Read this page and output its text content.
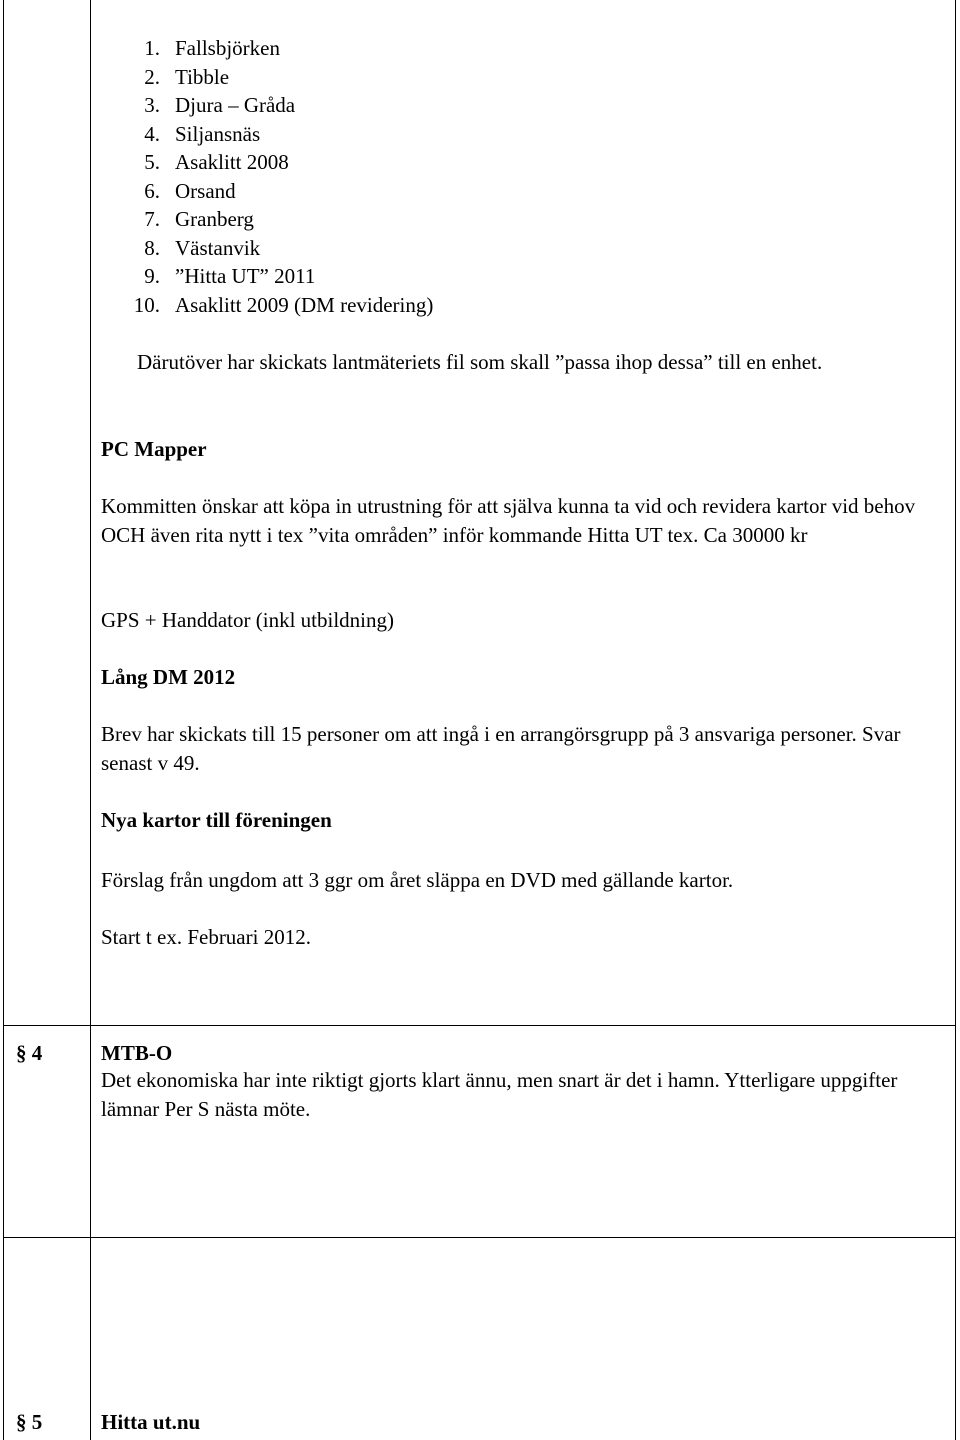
1. Fallsbjörken
2. Tibble
3. Djura – Gråda
4. Siljansnäs
5. Asaklitt 2008
6. Orsand
7. Granberg
8. Västanvik
9. ”Hitta UT” 2011
10. Asaklitt 2009 (DM revidering)
Därutöver har skickats lantmäteriets fil som skall ”passa ihop dessa” till en enhet.
PC Mapper
Kommitten önskar att köpa in utrustning för att själva kunna ta vid och revidera kartor vid behov OCH även rita nytt i tex ”vita områden” inför kommande Hitta UT tex. Ca 30000 kr
GPS + Handdator (inkl utbildning)
Lång DM 2012
Brev har skickats till 15 personer om att ingå i en arrangörsgrupp på 3 ansvariga personer. Svar senast v 49.
Nya kartor till föreningen
Förslag från ungdom att 3 ggr om året släppa en DVD med gällande kartor.
Start t ex. Februari 2012.
§ 4	MTB-O
Det ekonomiska har inte riktigt gjorts klart ännu, men snart är det i hamn. Ytterligare uppgifter lämnar Per S nästa möte.
§ 5	Hitta ut.nu
